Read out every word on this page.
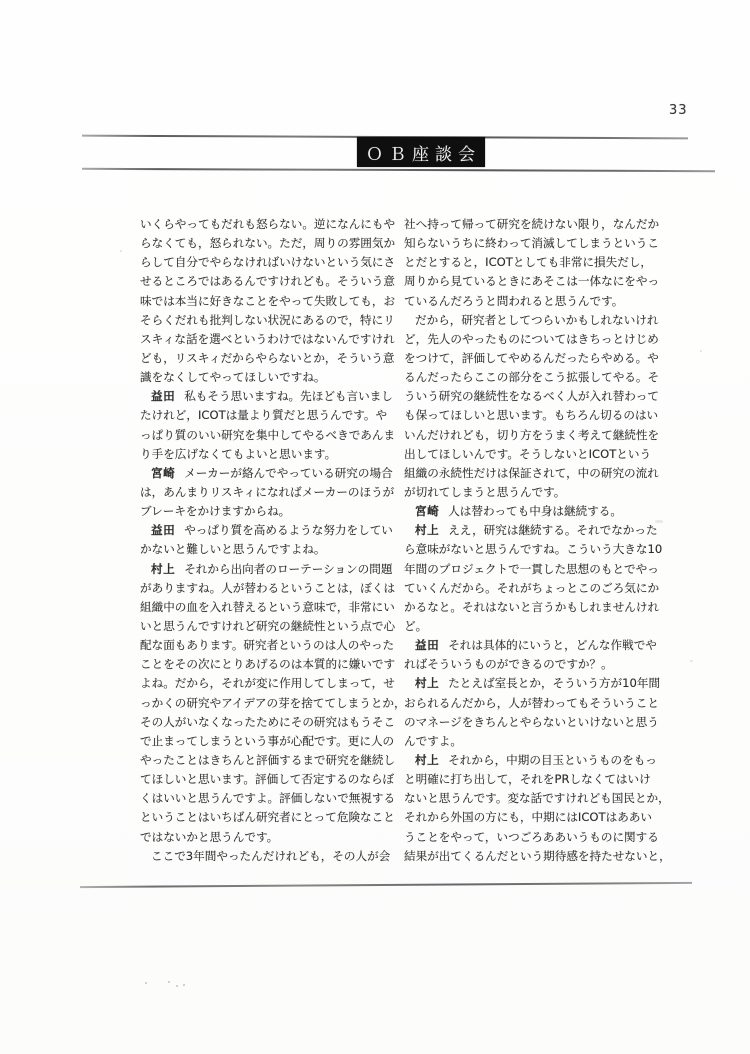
33
ＯＢ座談会
いくらやってもだれも怒らない。逆になんにもや
らなくても，怒られない。ただ，周りの雰囲気か
らして自分でやらなければいけないという気にさ
せるところではあるんですけれども。そういう意
味では本当に好きなことをやって失敗しても，お
そらくだれも批判しない状況にあるので，特にリ
スキィな話を選べというわけではないんですけれ
ども，リスキィだからやらないとか，そういう意
識をなくしてやってほしいですね。
益田 私もそう思いますね。先ほども言いまし
たけれど，ICOTは量より質だと思うんです。や
っぱり質のいい研究を集中してやるべきであんま
り手を広げなくてもよいと思います。
宮崎 メーカーが絡んでやっている研究の場合
は，あんまりリスキィになればメーカーのほうが
ブレーキをかけますからね。
益田 やっぱり質を高めるような努力をしてい
かないと難しいと思うんですよね。
村上 それから出向者のローテーションの問題
がありますね。人が替わるということは，ぼくは
組織中の血を入れ替えるという意味で，非常にい
いと思うんですけれど研究の継続性という点で心
配な面もあります。研究者というのは人のやった
ことをその次にとりあげるのは本質的に嫌いです
よね。だから，それが変に作用してしまって，せ
っかくの研究やアイデアの芽を捨ててしまうとか，
その人がいなくなったためにその研究はもうそこ
で止まってしまうという事が心配です。更に人の
やったことはきちんと評価するまで研究を継続し
てほしいと思います。評価して否定するのならぼ
くはいいと思うんですよ。評価しないで無視する
ということはいちばん研究者にとって危険なこと
ではないかと思うんです。
ここで3年間やったんだけれども，その人が会
社へ持って帰って研究を続けない限り，なんだか
知らないうちに終わって消滅してしまうというこ
とだとすると，ICOTとしても非常に損失だし，
周りから見ているときにあそこは一体なにをやっ
ているんだろうと問われると思うんです。
だから，研究者としてつらいかもしれないけれ
ど，先人のやったものについてはきちっとけじめ
をつけて，評価してやめるんだったらやめる。や
るんだったらここの部分をこう拡張してやる。そ
ういう研究の継続性をなるべく人が入れ替わって
も保ってほしいと思います。もちろん切るのはい
いんだけれども，切り方をうまく考えて継続性を
出してほしいんです。そうしないとICOTという
組織の永続性だけは保証されて，中の研究の流れ
が切れてしまうと思うんです。
宮崎 人は替わっても中身は継続する。
村上 ええ，研究は継続する。それでなかった
ら意味がないと思うんですね。こういう大きな10
年間のプロジェクトで一貫した思想のもとでやっ
ていくんだから。それがちょっとこのごろ気にか
かるなと。それはないと言うかもしれませんけれ
ど。
益田 それは具体的にいうと，どんな作戦でや
ればそういうものができるのですか？。
村上 たとえば室長とか，そういう方が10年間
おられるんだから，人が替わってもそういうこと
のマネージをきちんとやらないといけないと思う
んですよ。
村上 それから，中期の目玉というものをもっ
と明確に打ち出して，それをPRしなくてはいけ
ないと思うんです。変な話ですけれども国民とか，
それから外国の方にも，中期にはICOTはああい
うことをやって，いつごろああいうものに関する
結果が出てくるんだという期待感を持たせないと，
